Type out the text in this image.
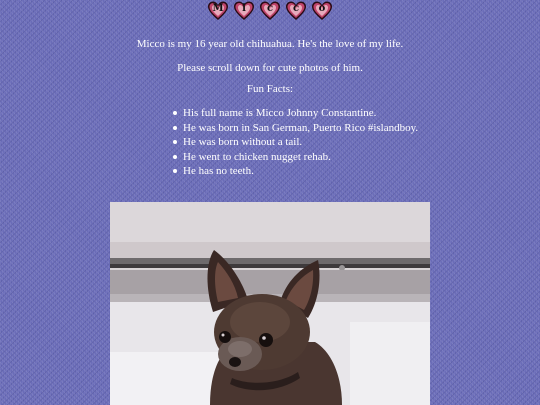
M	i	c	c	o
Micco is my 16 year old chihuahua. He's the love of my life.
Please scroll down for cute photos of him.
Fun Facts:
His full name is Micco Johnny Constantine.
He was born in San German, Puerto Rico #islandboy.
He was born without a tail.
He went to chicken nugget rehab.
He has no teeth.
